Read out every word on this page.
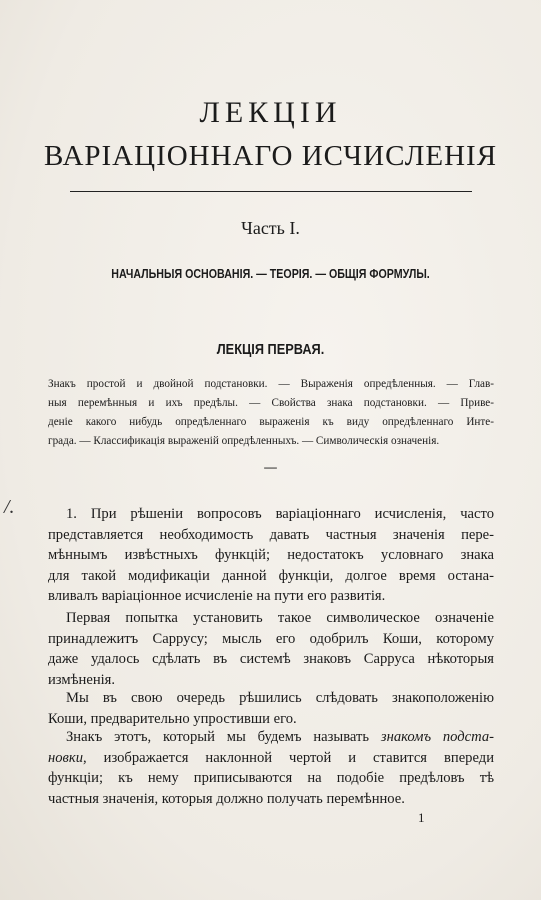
ЛЕКЦІИ
ВАРІАЦІОННАГО ИСЧИСЛЕНІЯ
Часть I.
НАЧАЛЬНЫЯ ОСНОВАНІЯ. — ТЕОРІЯ. — ОБЩІЯ ФОРМУЛЫ.
ЛЕКЦІЯ ПЕРВАЯ.
Знакъ простой и двойной подстановки. — Выраженія опредѣленныя. — Глав-
ныя перемѣнныя и ихъ предѣлы. — Свойства знака подстановки. — Приве-
деніе какого нибудь опредѣленнаго выраженія къ виду опредѣленнаго Инте-
града. — Классификація выраженій опредѣленныхъ. — Символическія означенія.
—
/.	1. При рѣшеніи вопросовъ варіаціоннаго исчисленія, часто
представляется необходимость давать частныя значенія пере-
мѣннымъ извѣстныхъ функцій; недостатокъ условнаго знака
для такой модификаціи данной функціи, долгое время остана-
вливалъ варіаціонное исчисленіе на пути его развитія.
Первая попытка установить такое символическое означеніе
принадлежитъ Саррусу; мысль его одобрилъ Коши, которому
даже удалось сдѣлать въ системѣ знаковъ Сарруса нѣкоторыя
измѣненія.
Мы въ свою очередь рѣшились слѣдовать знакоположенію
Коши, предварительно упростивши его.
Знакъ этотъ, который мы будемъ называть знакомъ подста-
новки, изображается наклонной чертой и ставится впереди
функціи; къ нему приписываются на подобіе предѣловъ тѣ
частныя значенія, которыя должно получать перемѣнное.
1
